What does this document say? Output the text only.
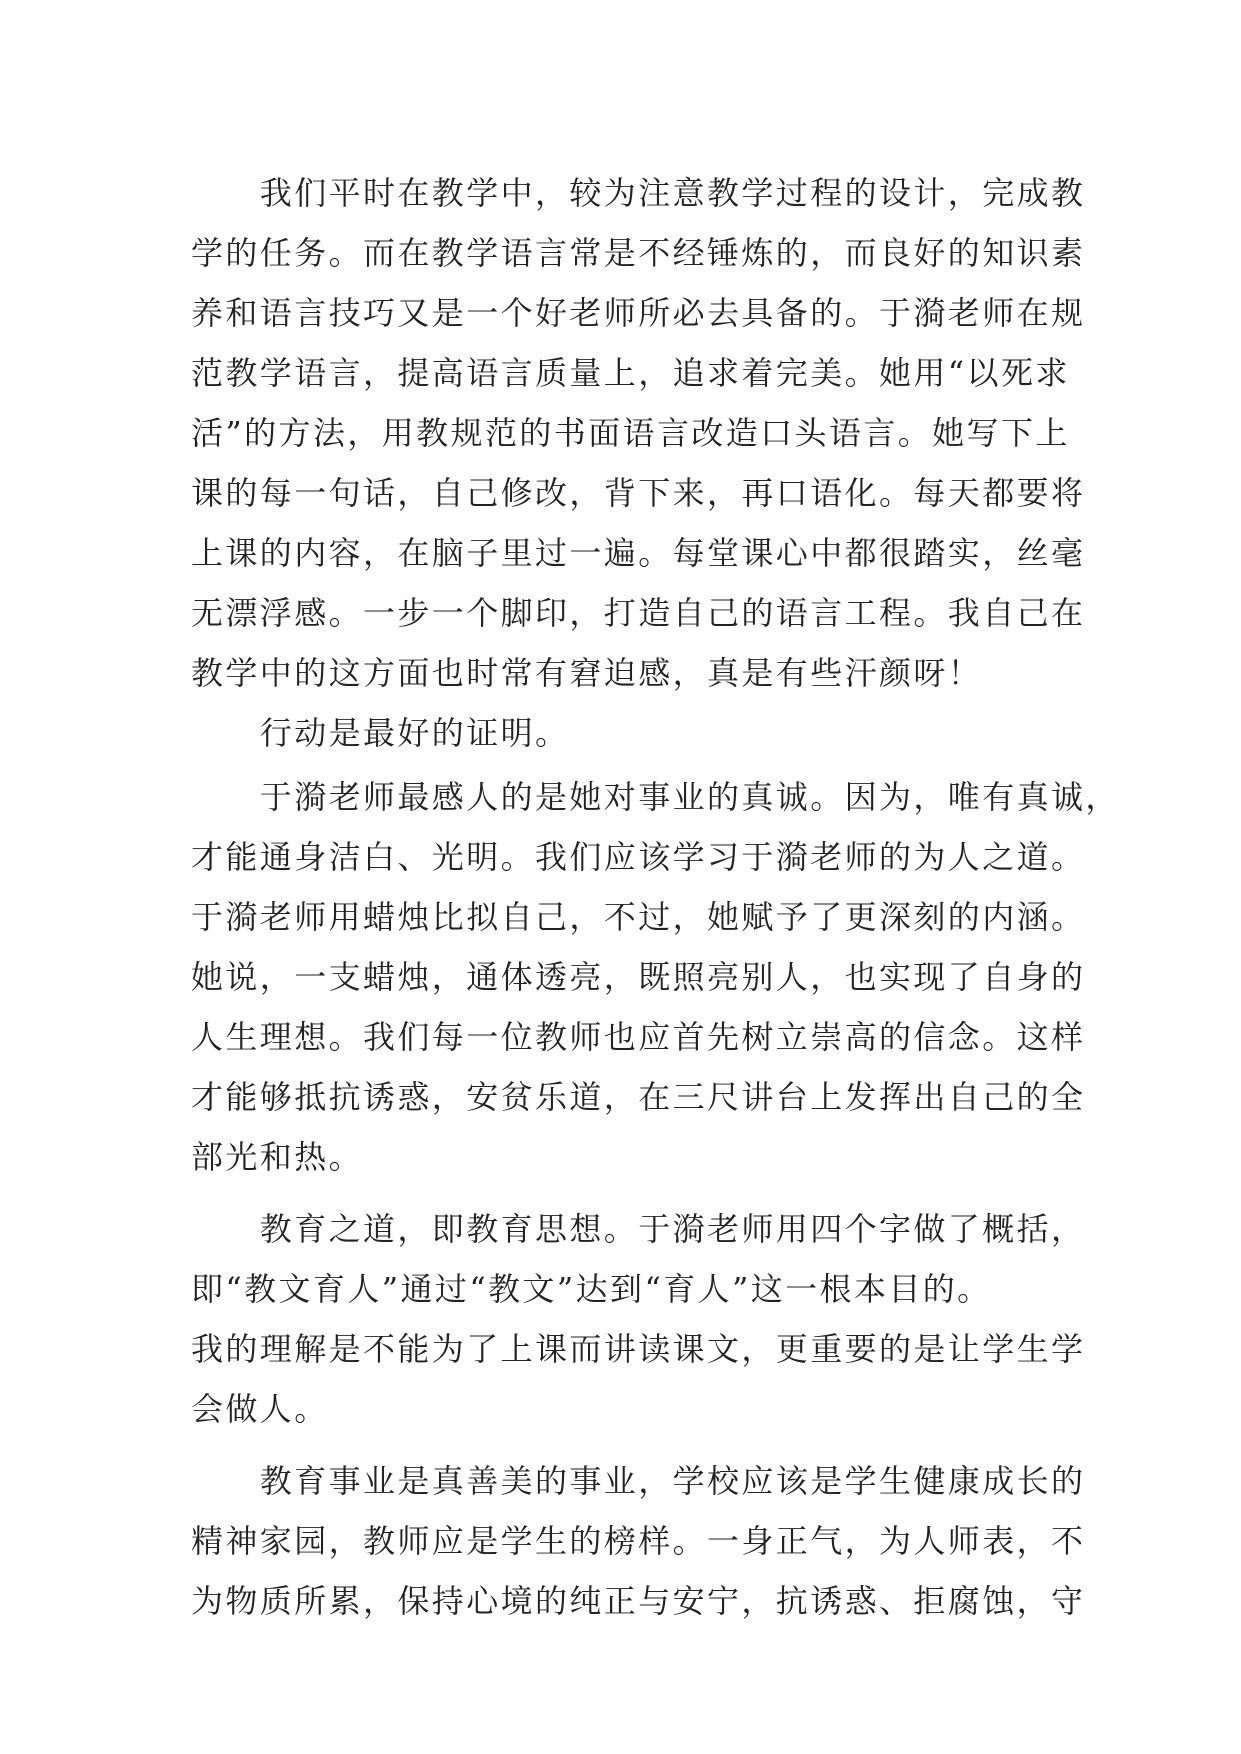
　　我们平时在教学中，较为注意教学过程的设计，完成教
学的任务。而在教学语言常是不经锤炼的，而良好的知识素
养和语言技巧又是一个好老师所必去具备的。于漪老师在规
范教学语言，提高语言质量上，追求着完美。她用“以死求
活”的方法，用教规范的书面语言改造口头语言。她写下上
课的每一句话，自己修改，背下来，再口语化。每天都要将
上课的内容，在脑子里过一遍。每堂课心中都很踏实，丝毫
无漂浮感。一步一个脚印，打造自己的语言工程。我自己在
教学中的这方面也时常有窘迫感，真是有些汗颜呀！
　　行动是最好的证明。
　　于漪老师最感人的是她对事业的真诚。因为，唯有真诚，
才能通身洁白、光明。我们应该学习于漪老师的为人之道。
于漪老师用蜡烛比拟自己，不过，她赋予了更深刻的内涵。
她说，一支蜡烛，通体透亮，既照亮别人，也实现了自身的
人生理想。我们每一位教师也应首先树立崇高的信念。这样
才能够抵抗诱惑，安贫乐道，在三尺讲台上发挥出自己的全
部光和热。
　　教育之道，即教育思想。于漪老师用四个字做了概括，
即“教文育人”通过“教文”达到“育人”这一根本目的。
我的理解是不能为了上课而讲读课文，更重要的是让学生学
会做人。
　　教育事业是真善美的事业，学校应该是学生健康成长的
精神家园，教师应是学生的榜样。一身正气，为人师表，不
为物质所累，保持心境的纯正与安宁，抗诱惑、拒腐蚀，守
